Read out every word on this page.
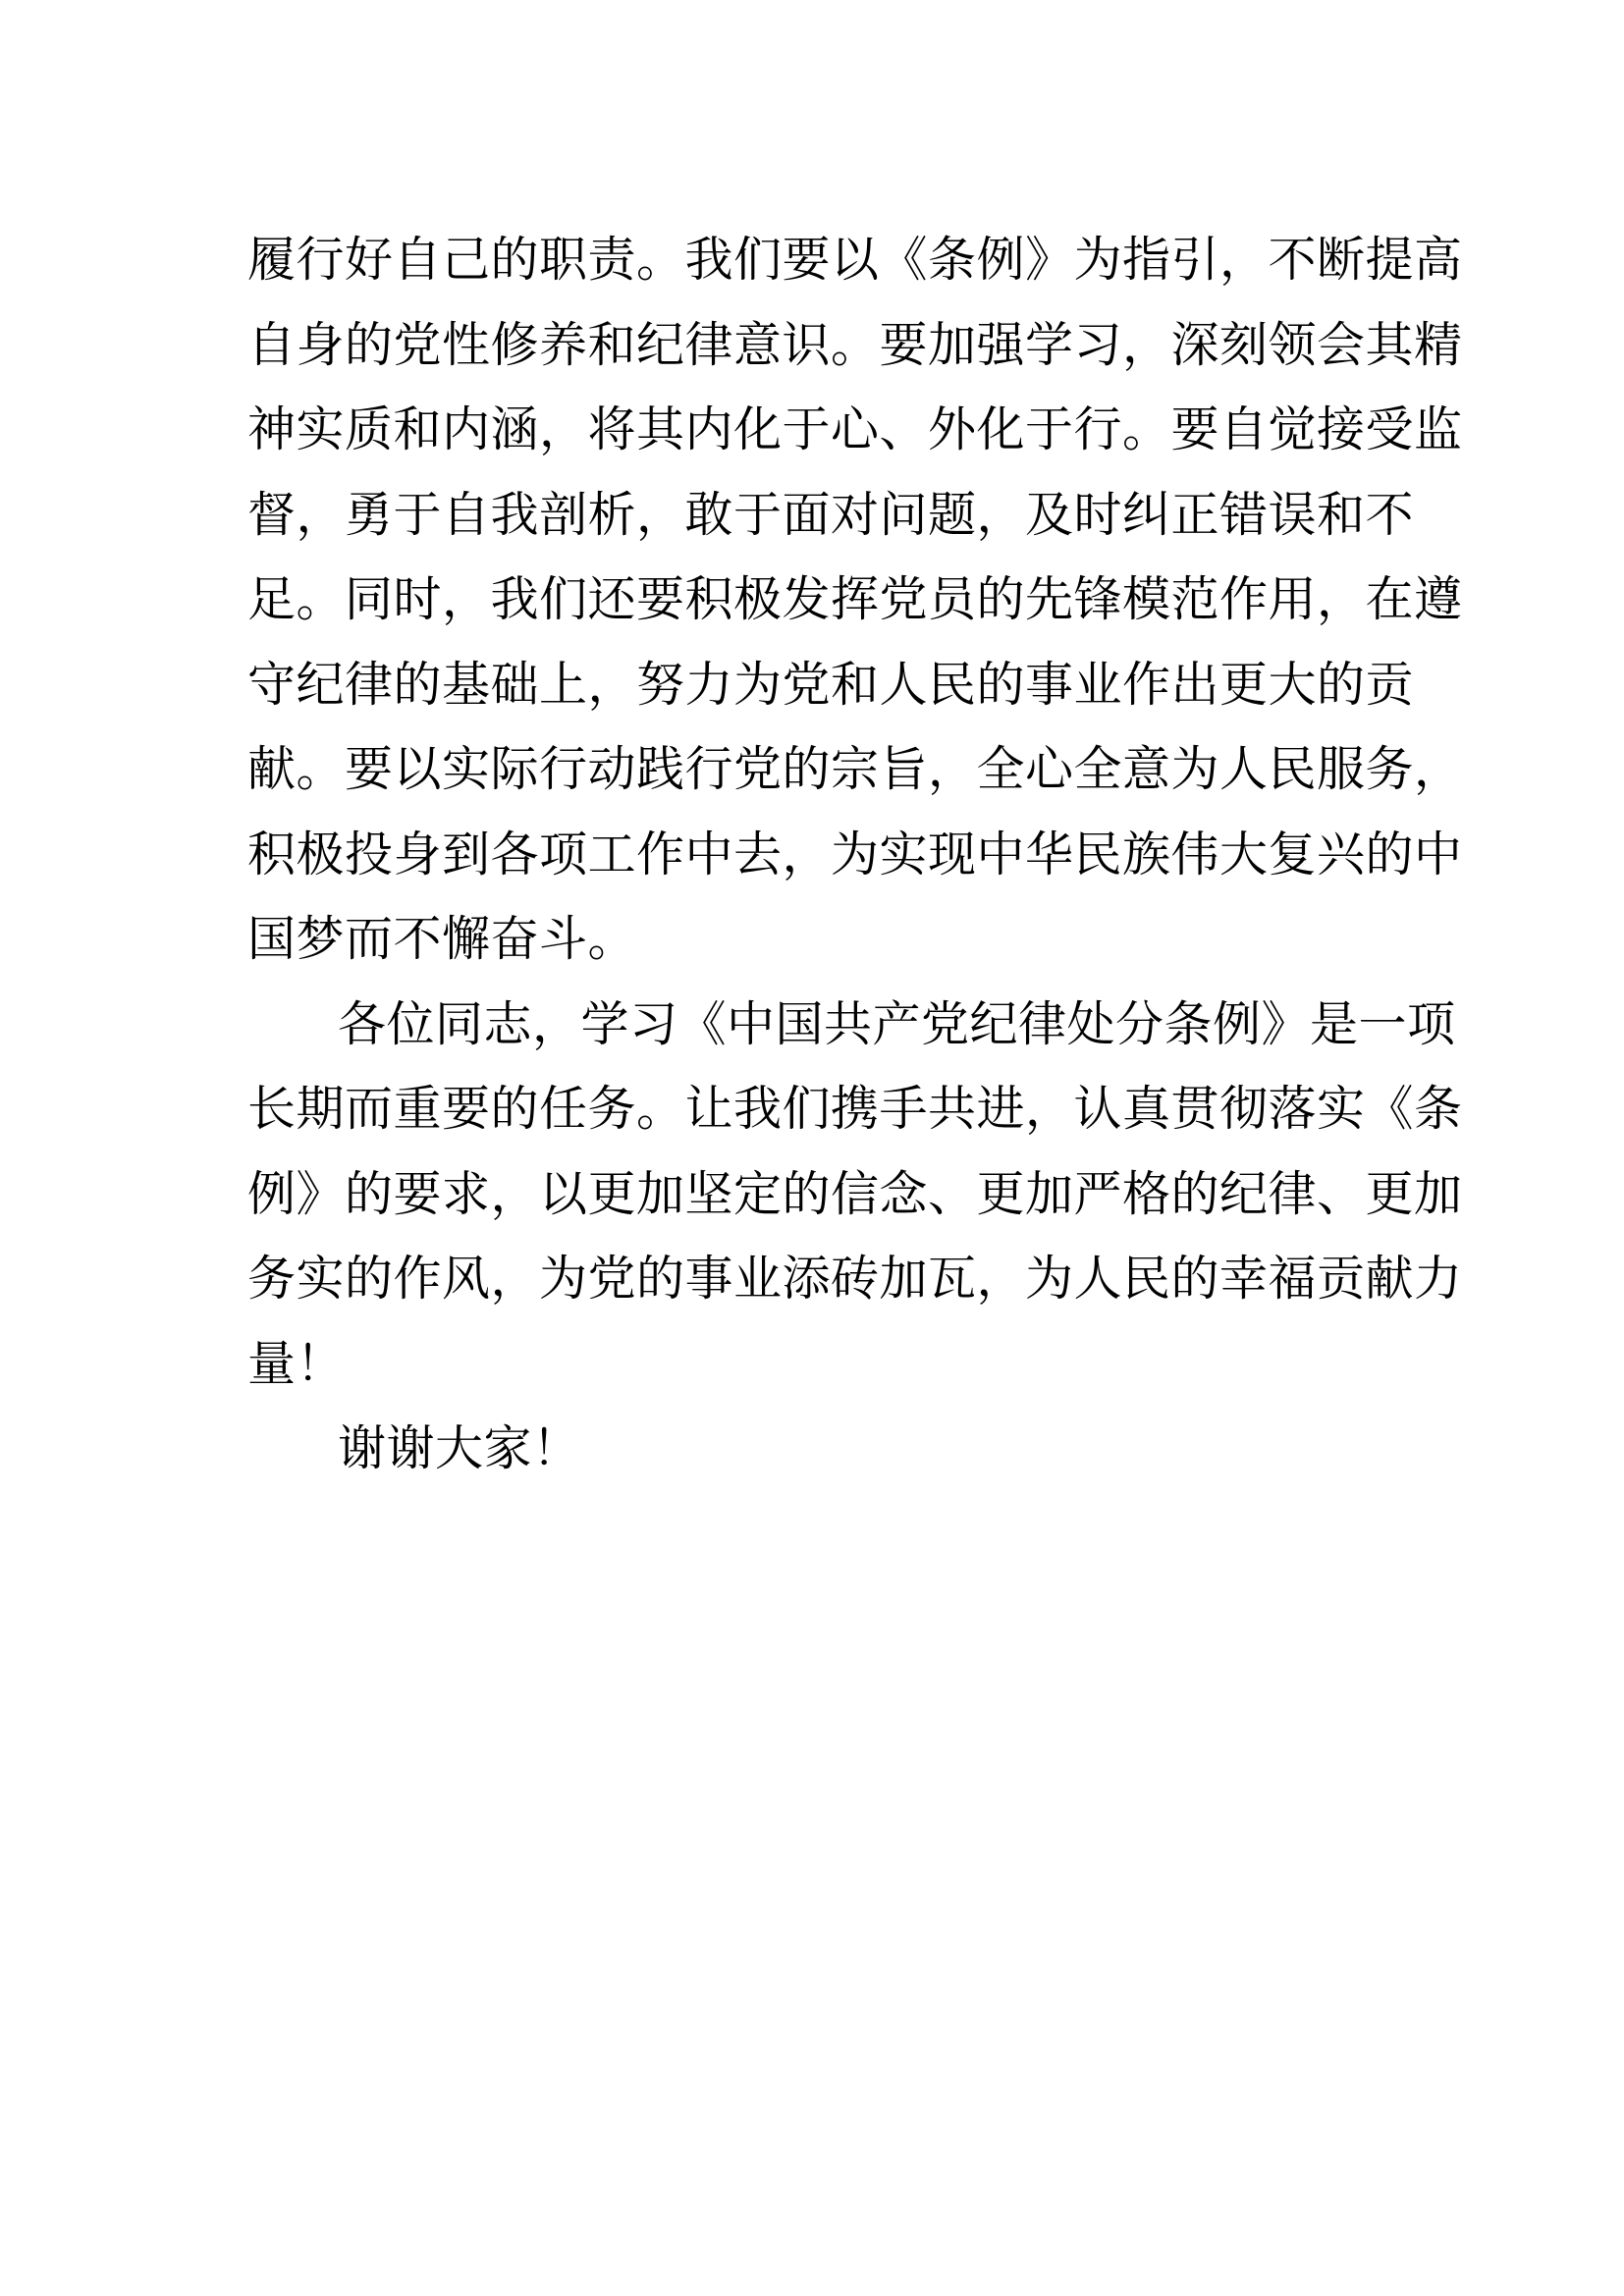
履行好自己的职责。我们要以《条例》为指引，不断提高
自身的党性修养和纪律意识。要加强学习，深刻领会其精
神实质和内涵，将其内化于心、外化于行。要自觉接受监
督，勇于自我剖析，敢于面对问题，及时纠正错误和不
足。同时，我们还要积极发挥党员的先锋模范作用，在遵
守纪律的基础上，努力为党和人民的事业作出更大的贡
献。要以实际行动践行党的宗旨，全心全意为人民服务，
积极投身到各项工作中去，为实现中华民族伟大复兴的中
国梦而不懈奋斗。
各位同志，学习《中国共产党纪律处分条例》是一项
长期而重要的任务。让我们携手共进，认真贯彻落实《条
例》的要求，以更加坚定的信念、更加严格的纪律、更加
务实的作风，为党的事业添砖加瓦，为人民的幸福贡献力
量！
谢谢大家！
